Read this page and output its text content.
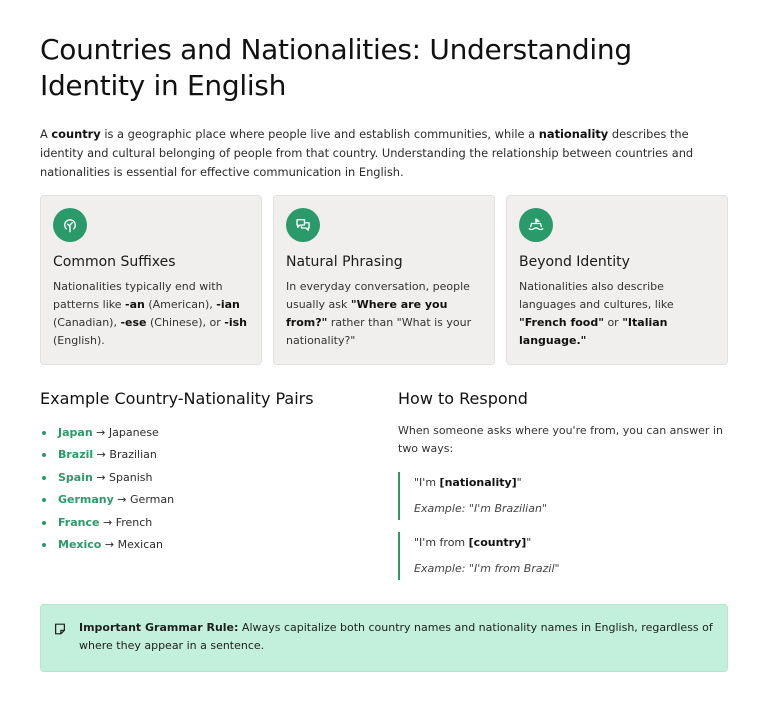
Countries and Nationalities: Understanding Identity in English

A country is a geographic place where people live and establish communities, while a nationality describes the identity and cultural belonging of people from that country. Understanding the relationship between countries and nationalities is essential for effective communication in English.

Common Suffixes

Nationalities typically end with patterns like -an (American), -ian (Canadian), -ese (Chinese), or -ish (English).

Natural Phrasing

In everyday conversation, people usually ask "Where are you from?" rather than "What is your nationality?"

Beyond Identity

Nationalities also describe languages and cultures, like "French food" or "Italian language."

Example Country-Nationality Pairs
Japan → Japanese
Brazil → Brazilian
Spain → Spanish
Germany → German
France → French
Mexico → Mexican
How to Respond

When someone asks where you're from, you can answer in two ways:

"I'm [nationality]"

Example: "I'm Brazilian"

"I'm from [country]"

Example: "I'm from Brazil"

Important Grammar Rule: Always capitalize both country names and nationality names in English, regardless of where they appear in a sentence.
